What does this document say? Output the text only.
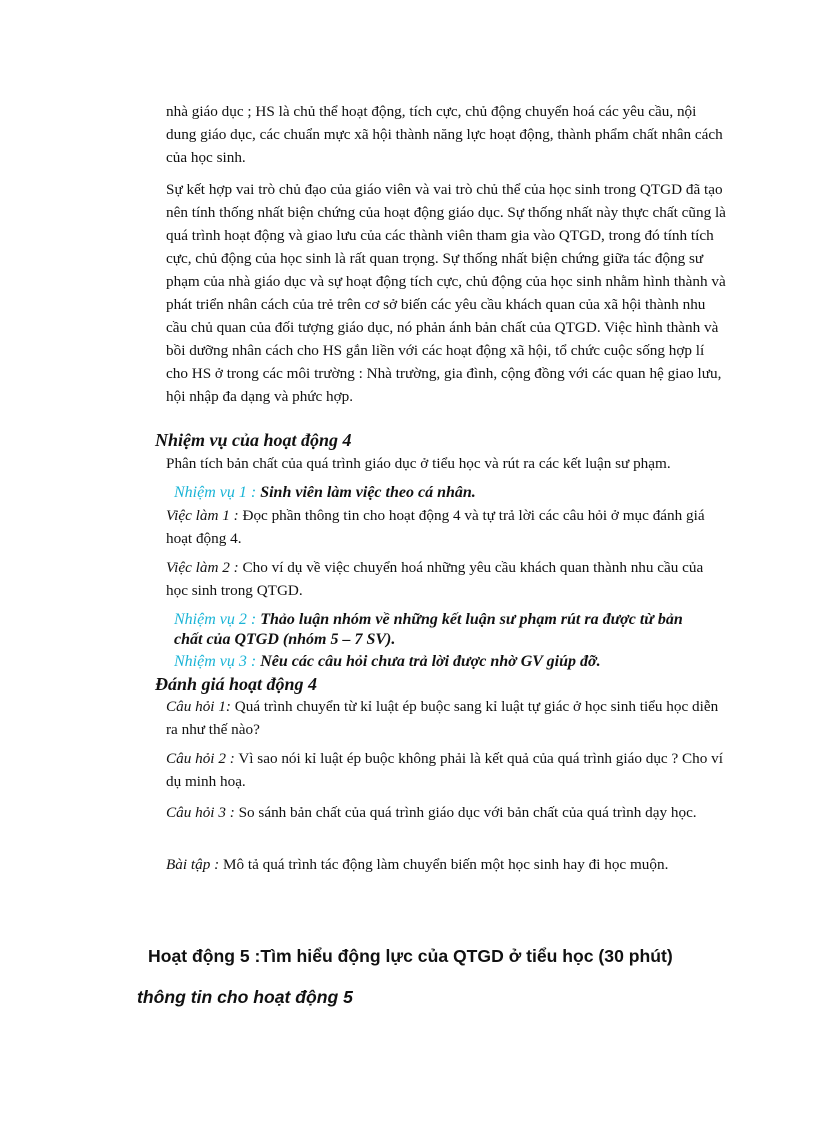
nhà giáo dục ; HS là chủ thể hoạt động, tích cực, chủ động chuyển hoá các yêu cầu, nội dung giáo dục, các chuẩn mực xã hội thành năng lực hoạt động, thành phẩm chất nhân cách của học sinh.

Sự kết hợp vai trò chủ đạo của giáo viên và vai trò chủ thể của học sinh trong QTGD đã tạo nên tính thống nhất biện chứng của hoạt động giáo dục. Sự thống nhất này thực chất cũng là quá trình hoạt động và giao lưu của các thành viên tham gia vào QTGD, trong đó tính tích cực, chủ động của học sinh là rất quan trọng. Sự thống nhất biện chứng giữa tác động sư phạm của nhà giáo dục và sự hoạt động tích cực, chủ động của học sinh nhằm hình thành và phát triển nhân cách của trẻ trên cơ sở biến các yêu cầu khách quan của xã hội thành nhu cầu chủ quan của đối tượng giáo dục, nó phản ánh bản chất của QTGD. Việc hình thành và bồi dưỡng nhân cách cho HS gắn liền với các hoạt động xã hội, tổ chức cuộc sống hợp lí cho HS ở trong các môi trường : Nhà trường, gia đình, cộng đồng với các quan hệ giao lưu, hội nhập đa dạng và phức hợp.

Nhiệm vụ của hoạt động 4

Phân tích bản chất của quá trình giáo dục ở tiểu học và rút ra các kết luận sư phạm.

Nhiệm vụ 1 : Sinh viên làm việc theo cá nhân.

Việc làm 1 : Đọc phần thông tin cho hoạt động 4 và tự trả lời các câu hỏi ở mục đánh giá hoạt động 4.

Việc làm 2 : Cho ví dụ về việc chuyển hoá những yêu cầu khách quan thành nhu cầu của học sinh trong QTGD.

Nhiệm vụ 2 : Thảo luận nhóm về những kết luận sư phạm rút ra được từ bản chất của QTGD (nhóm 5 – 7 SV).
Nhiệm vụ 3 : Nêu các câu hỏi chưa trả lời được nhờ GV giúp đỡ.
Đánh giá hoạt động 4

Câu hỏi 1: Quá trình chuyển từ kỉ luật ép buộc sang kỉ luật tự giác ở học sinh tiểu học diễn ra như thế nào?

Câu hỏi 2 : Vì sao nói kỉ luật ép buộc không phải là kết quả của quá trình giáo dục ? Cho ví dụ minh hoạ.

Câu hỏi 3 : So sánh bản chất của quá trình giáo dục với bản chất của quá trình dạy học.

Bài tập : Mô tả quá trình tác động làm chuyển biến một học sinh hay đi học muộn.

Hoạt động 5 :Tìm hiểu động lực của QTGD ở tiểu học (30 phút)
thông tin cho hoạt động 5
